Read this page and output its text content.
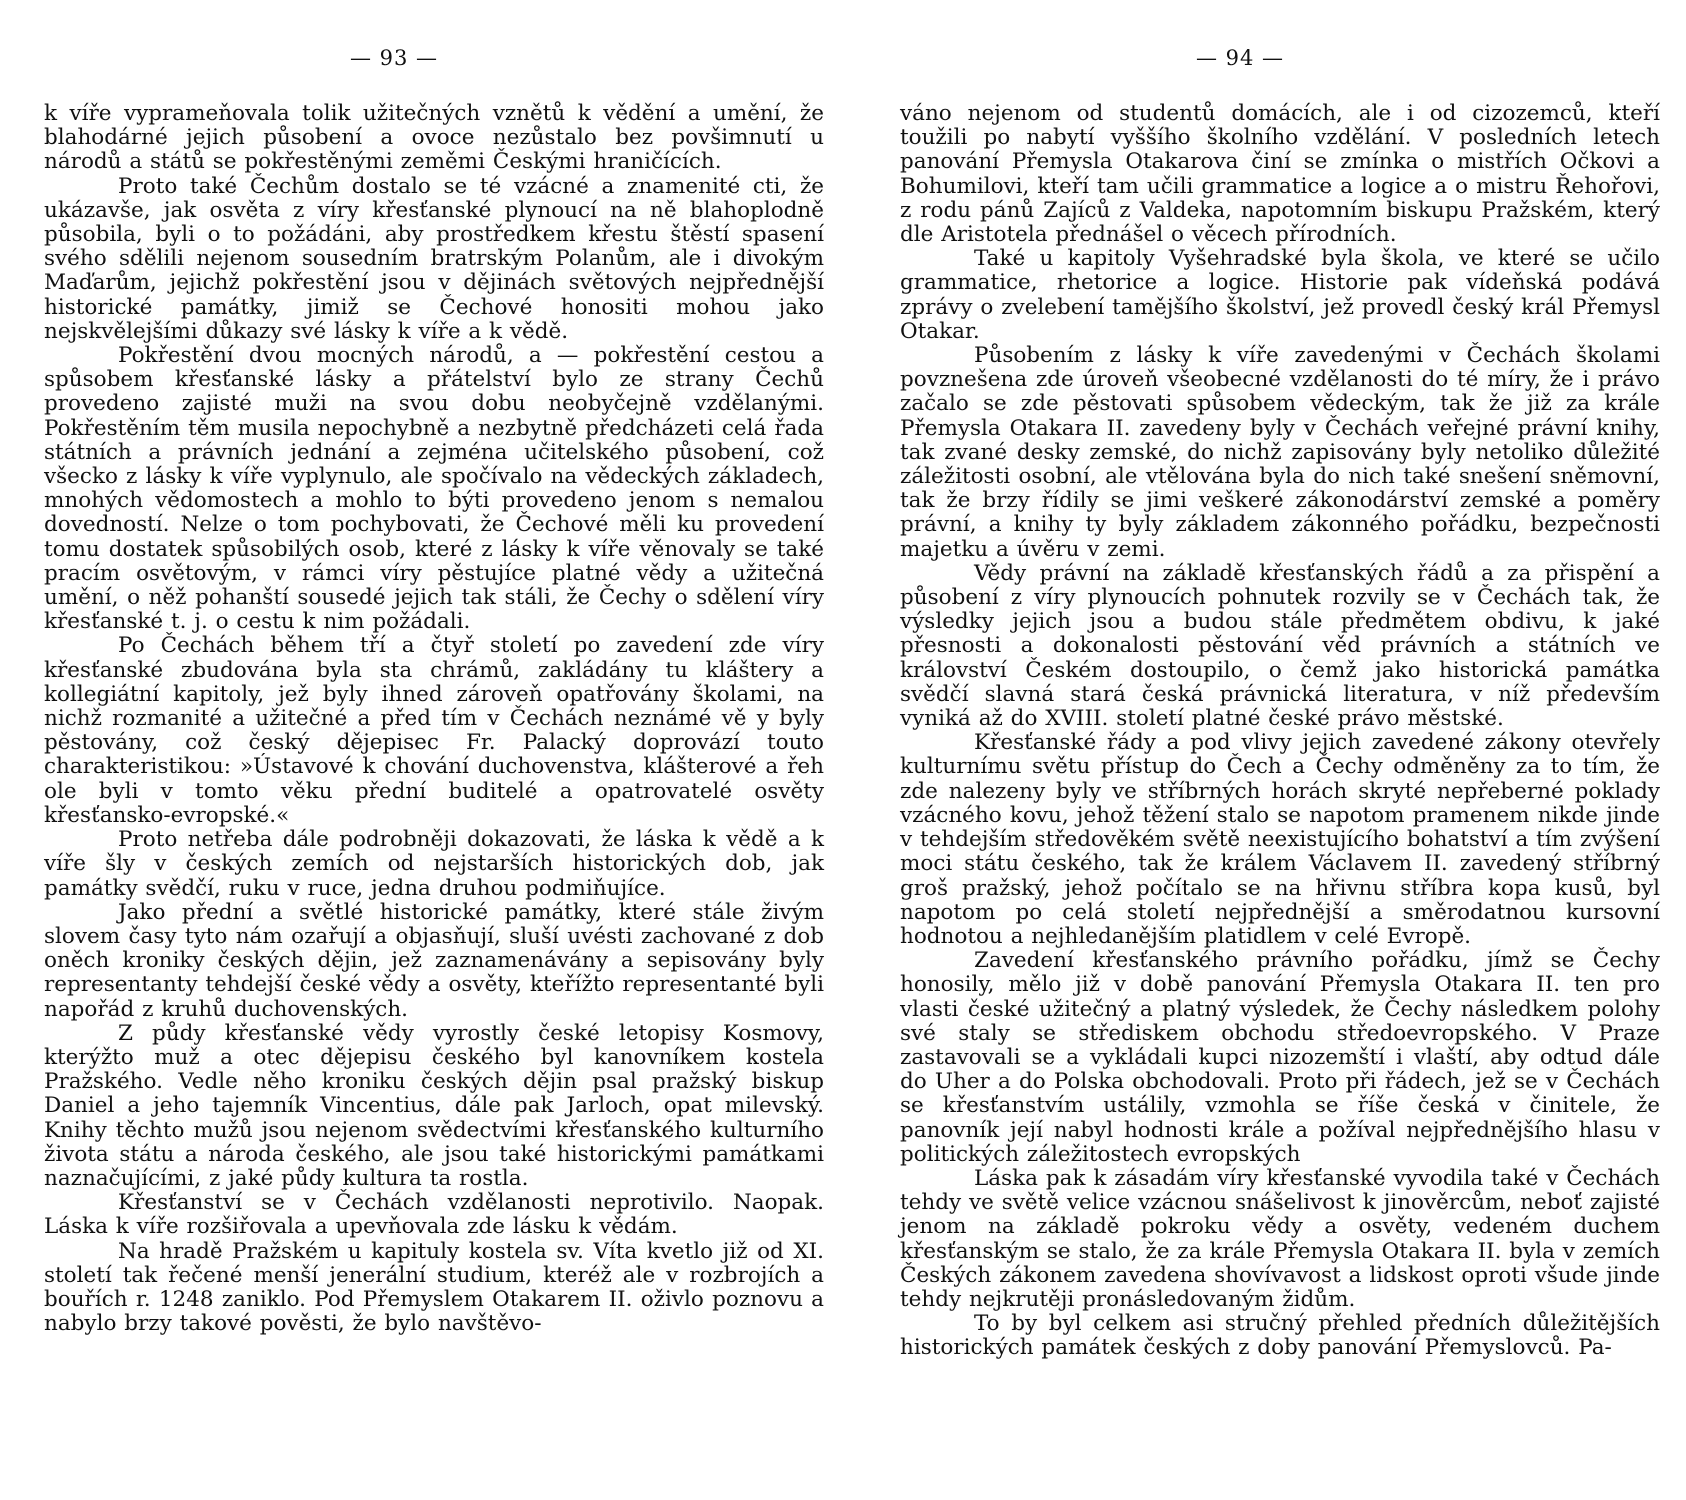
— 93 —

k víře vyprameňovala tolik užitečných vznětů k vědění a umění, že blahodárné jejich působení a ovoce nezůstalo bez povšimnutí u národů a států se pokřestěnými zeměmi Českými hraničících.

Proto také Čechům dostalo se té vzácné a znamenité cti, že ukázavše, jak osvěta z víry křesťanské plynoucí na ně blahoplodně působila, byli o to požádáni, aby prostředkem křestu štěstí spasení svého sdělili nejenom sousedním bratrským Polanům, ale i divokým Maďarům, jejichž pokřestění jsou v dějinách světových nejpřednější historické památky, jimiž se Čechové honositi mohou jako nejskvělejšími důkazy své lásky k víře a k vědě.

Pokřestění dvou mocných národů, a — pokřestění cestou a spůsobem křesťanské lásky a přátelství bylo ze strany Čechů provedeno zajisté muži na svou dobu neobyčejně vzdělanými. Pokřestěním těm musila nepochybně a nezbytně předcházeti celá řada státních a právních jednání a zejména učitelského působení, což všecko z lásky k víře vyplynulo, ale spočívalo na vědeckých základech, mnohých vědomostech a mohlo to býti provedeno jenom s nemalou dovedností. Nelze o tom pochybovati, že Čechové měli ku provedení tomu dostatek spůsobilých osob, které z lásky k víře věnovaly se také pracím osvětovým, v rámci víry pěstujíce platné vědy a užitečná umění, o něž pohanští sousedé jejich tak stáli, že Čechy o sdělení víry křesťanské t. j. o cestu k nim požádali.

Po Čechách během tří a čtyř století po zavedení zde víry křesťanské zbudována byla sta chrámů, zakládány tu kláštery a kollegiátní kapitoly, jež byly ihned zároveň opatřovány školami, na nichž rozmanité a užitečné a před tím v Čechách neznámé vě y byly pěstovány, což český dějepisec Fr. Palacký doprovází touto charakteristikou: »Ústavové k chování duchovenstva, klášterové a řeh ole byli v tomto věku přední buditelé a opatrovatelé osvěty křesťansko-evropské.«

Proto netřeba dále podrobněji dokazovati, že láska k vědě a k víře šly v českých zemích od nejstarších historických dob, jak památky svědčí, ruku v ruce, jedna druhou podmiňujíce.

Jako přední a světlé historické památky, které stále živým slovem časy tyto nám ozařují a objasňují, sluší uvésti zachované z dob oněch kroniky českých dějin, jež zaznamenávány a sepisovány byly representanty tehdejší české vědy a osvěty, kteřížto representanté byli napořád z kruhů duchovenských.

Z půdy křesťanské vědy vyrostly české letopisy Kosmovy, kterýžto muž a otec dějepisu českého byl kanovníkem kostela Pražského. Vedle něho kroniku českých dějin psal pražský biskup Daniel a jeho tajemník Vincentius, dále pak Jarloch, opat milevský. Knihy těchto mužů jsou nejenom svědectvími křesťanského kulturního života státu a národa českého, ale jsou také historickými památkami naznačujícími, z jaké půdy kultura ta rostla.

Křesťanství se v Čechách vzdělanosti neprotivilo. Naopak. Láska k víře rozšiřovala a upevňovala zde lásku k vědám.

Na hradě Pražském u kapituly kostela sv. Víta kvetlo již od XI. století tak řečené menší jenerální studium, kteréž ale v rozbrojích a bouřích r. 1248 zaniklo. Pod Přemyslem Otakarem II. oživlo poznovu a nabylo brzy takové pověsti, že bylo navštěvo-

— 94 —

váno nejenom od studentů domácích, ale i od cizozemců, kteří toužili po nabytí vyššího školního vzdělání. V posledních letech panování Přemysla Otakarova činí se zmínka o mistřích Očkovi a Bohumilovi, kteří tam učili grammatice a logice a o mistru Řehořovi, z rodu pánů Zajíců z Valdeka, napotomním biskupu Pražském, který dle Aristotela přednášel o věcech přírodních.

Také u kapitoly Vyšehradské byla škola, ve které se učilo grammatice, rhetorice a logice. Historie pak vídeňská podává zprávy o zvelebení tamějšího školství, jež provedl český král Přemysl Otakar.

Působením z lásky k víře zavedenými v Čechách školami povznešena zde úroveň všeobecné vzdělanosti do té míry, že i právo začalo se zde pěstovati spůsobem vědeckým, tak že již za krále Přemysla Otakara II. zavedeny byly v Čechách veřejné právní knihy, tak zvané desky zemské, do nichž zapisovány byly netoliko důležité záležitosti osobní, ale vtělována byla do nich také snešení sněmovní, tak že brzy řídily se jimi veškeré zákonodárství zemské a poměry právní, a knihy ty byly základem zákonného pořádku, bezpečnosti majetku a úvěru v zemi.

Vědy právní na základě křesťanských řádů a za přispění a působení z víry plynoucích pohnutek rozvily se v Čechách tak, že výsledky jejich jsou a budou stále předmětem obdivu, k jaké přesnosti a dokonalosti pěstování věd právních a státních ve království Českém dostoupilo, o čemž jako historická památka svědčí slavná stará česká právnická literatura, v níž především vyniká až do XVIII. století platné české právo městské.

Křesťanské řády a pod vlivy jejich zavedené zákony otevřely kulturnímu světu přístup do Čech a Čechy odměněny za to tím, že zde nalezeny byly ve stříbrných horách skryté nepřeberné poklady vzácného kovu, jehož těžení stalo se napotom pramenem nikde jinde v tehdejším středověkém světě neexistujícího bohatství a tím zvýšení moci státu českého, tak že králem Václavem II. zavedený stříbrný groš pražský, jehož počítalo se na hřivnu stříbra kopa kusů, byl napotom po celá století nejpřednější a směrodatnou kursovní hodnotou a nejhledanějším platidlem v celé Evropě.

Zavedení křesťanského právního pořádku, jímž se Čechy honosily, mělo již v době panování Přemysla Otakara II. ten pro vlasti české užitečný a platný výsledek, že Čechy následkem polohy své staly se střediskem obchodu středoevropského. V Praze zastavovali se a vykládali kupci nizozemští i vlaští, aby odtud dále do Uher a do Polska obchodovali. Proto při řádech, jež se v Čechách se křesťanstvím ustálily, vzmohla se říše česká v činitele, že panovník její nabyl hodnosti krále a požíval nejpřednějšího hlasu v politických záležitostech evropských

Láska pak k zásadám víry křesťanské vyvodila také v Čechách tehdy ve světě velice vzácnou snášelivost k jinověrcům, neboť zajisté jenom na základě pokroku vědy a osvěty, vedeném duchem křesťanským se stalo, že za krále Přemysla Otakara II. byla v zemích Českých zákonem zavedena shovívavost a lidskost oproti všude jinde tehdy nejkrutěji pronásledovaným židům.

To by byl celkem asi stručný přehled předních důležitějších historických památek českých z doby panování Přemyslovců. Pa-
